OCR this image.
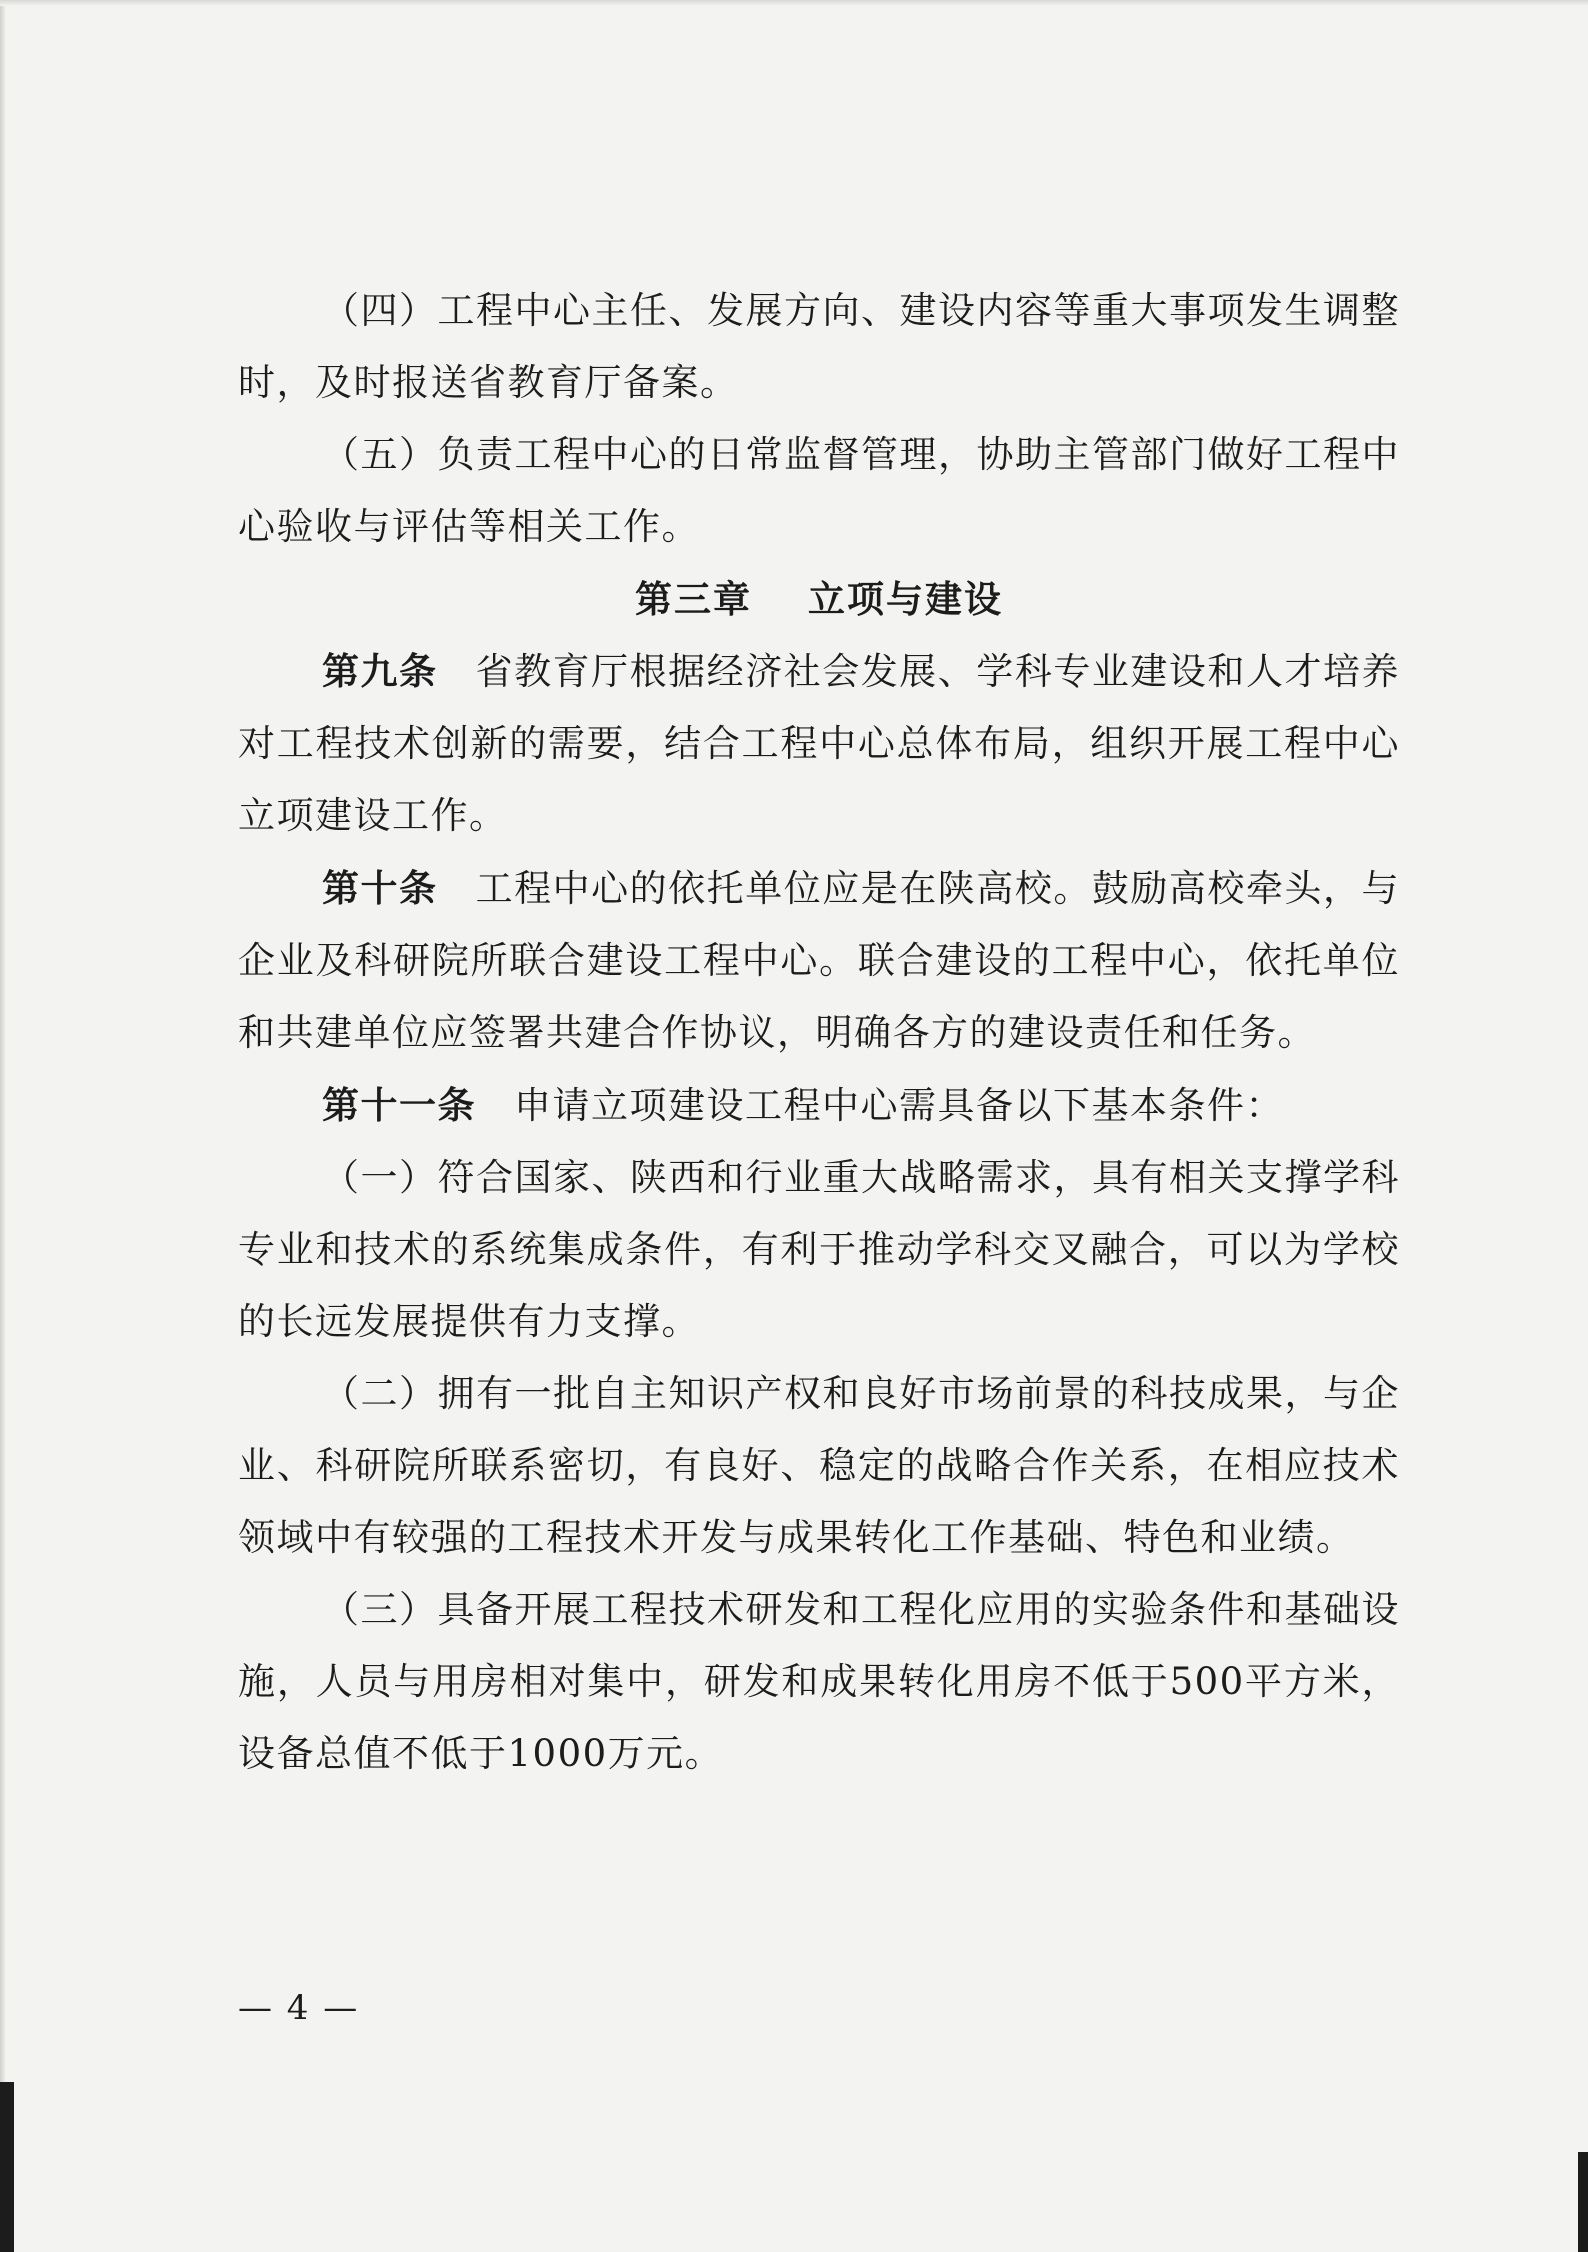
（四）工程中心主任、发展方向、建设内容等重大事项发生调整时，及时报送省教育厅备案。

（五）负责工程中心的日常监督管理，协助主管部门做好工程中心验收与评估等相关工作。

第三章 立项与建设

第九条 省教育厅根据经济社会发展、学科专业建设和人才培养对工程技术创新的需要，结合工程中心总体布局，组织开展工程中心立项建设工作。

第十条 工程中心的依托单位应是在陕高校。鼓励高校牵头，与企业及科研院所联合建设工程中心。联合建设的工程中心，依托单位和共建单位应签署共建合作协议，明确各方的建设责任和任务。

第十一条 申请立项建设工程中心需具备以下基本条件：

（一）符合国家、陕西和行业重大战略需求，具有相关支撑学科专业和技术的系统集成条件，有利于推动学科交叉融合，可以为学校的长远发展提供有力支撑。

（二）拥有一批自主知识产权和良好市场前景的科技成果，与企业、科研院所联系密切，有良好、稳定的战略合作关系，在相应技术领域中有较强的工程技术开发与成果转化工作基础、特色和业绩。

（三）具备开展工程技术研发和工程化应用的实验条件和基础设施，人员与用房相对集中，研发和成果转化用房不低于500平方米，设备总值不低于1000万元。

— 4 —
